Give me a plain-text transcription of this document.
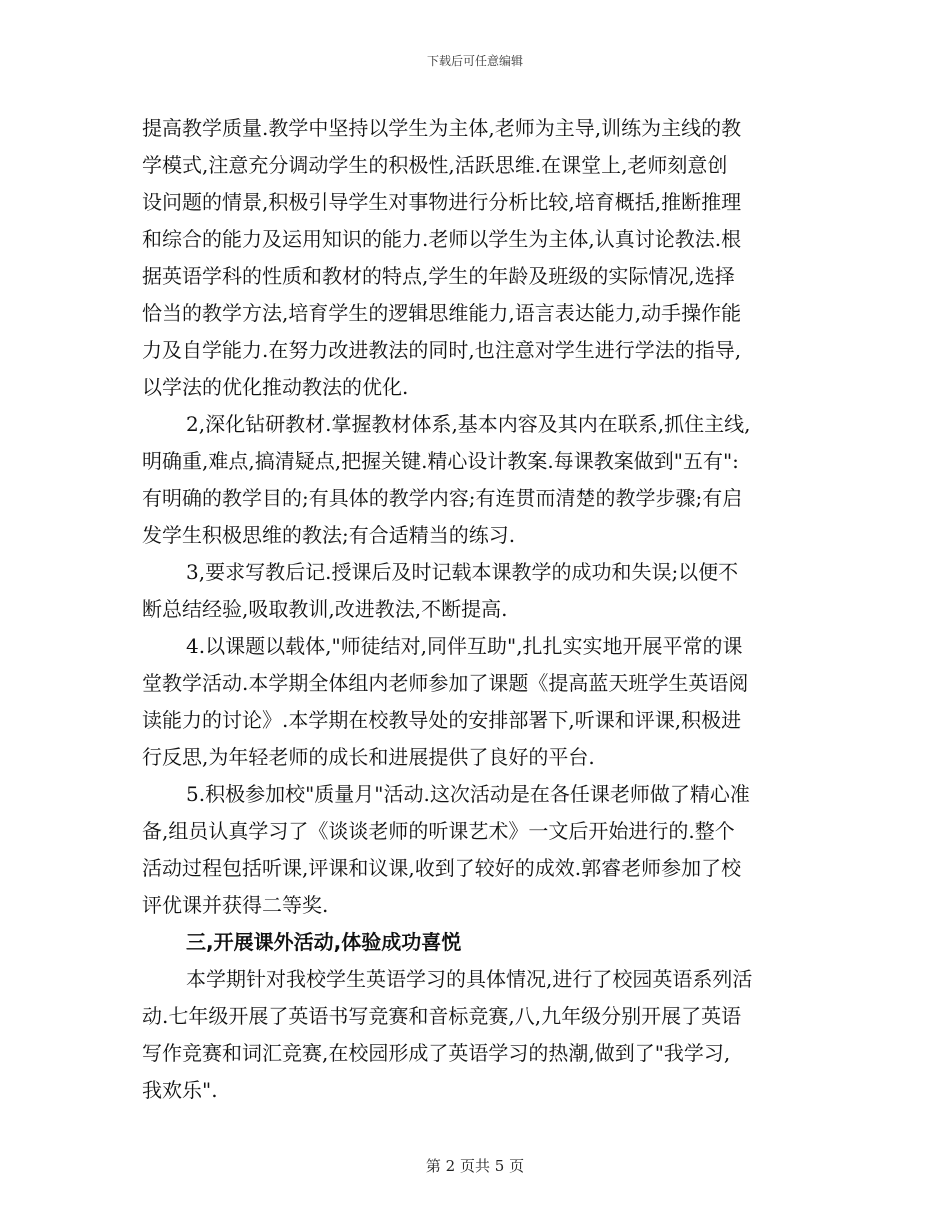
下载后可任意编辑
提高教学质量.教学中坚持以学生为主体,老师为主导,训练为主线的教
学模式,注意充分调动学生的积极性,活跃思维.在课堂上,老师刻意创
设问题的情景,积极引导学生对事物进行分析比较,培育概括,推断推理
和综合的能力及运用知识的能力.老师以学生为主体,认真讨论教法.根
据英语学科的性质和教材的特点,学生的年龄及班级的实际情况,选择
恰当的教学方法,培育学生的逻辑思维能力,语言表达能力,动手操作能
力及自学能力.在努力改进教法的同时,也注意对学生进行学法的指导,
以学法的优化推动教法的优化.
2,深化钻研教材.掌握教材体系,基本内容及其内在联系,抓住主线,
明确重,难点,搞清疑点,把握关键.精心设计教案.每课教案做到"五有":
有明确的教学目的;有具体的教学内容;有连贯而清楚的教学步骤;有启
发学生积极思维的教法;有合适精当的练习.
3,要求写教后记.授课后及时记载本课教学的成功和失误;以便不
断总结经验,吸取教训,改进教法,不断提高.
4.以课题以载体,"师徒结对,同伴互助",扎扎实实地开展平常的课
堂教学活动.本学期全体组内老师参加了课题《提高蓝天班学生英语阅
读能力的讨论》.本学期在校教导处的安排部署下,听课和评课,积极进
行反思,为年轻老师的成长和进展提供了良好的平台.
5.积极参加校"质量月"活动.这次活动是在各任课老师做了精心准
备,组员认真学习了《谈谈老师的听课艺术》一文后开始进行的.整个
活动过程包括听课,评课和议课,收到了较好的成效.郭睿老师参加了校
评优课并获得二等奖.
三,开展课外活动,体验成功喜悦
本学期针对我校学生英语学习的具体情况,进行了校园英语系列活
动.七年级开展了英语书写竞赛和音标竞赛,八,九年级分别开展了英语
写作竞赛和词汇竞赛,在校园形成了英语学习的热潮,做到了"我学习,
我欢乐".
第 2 页共 5 页
